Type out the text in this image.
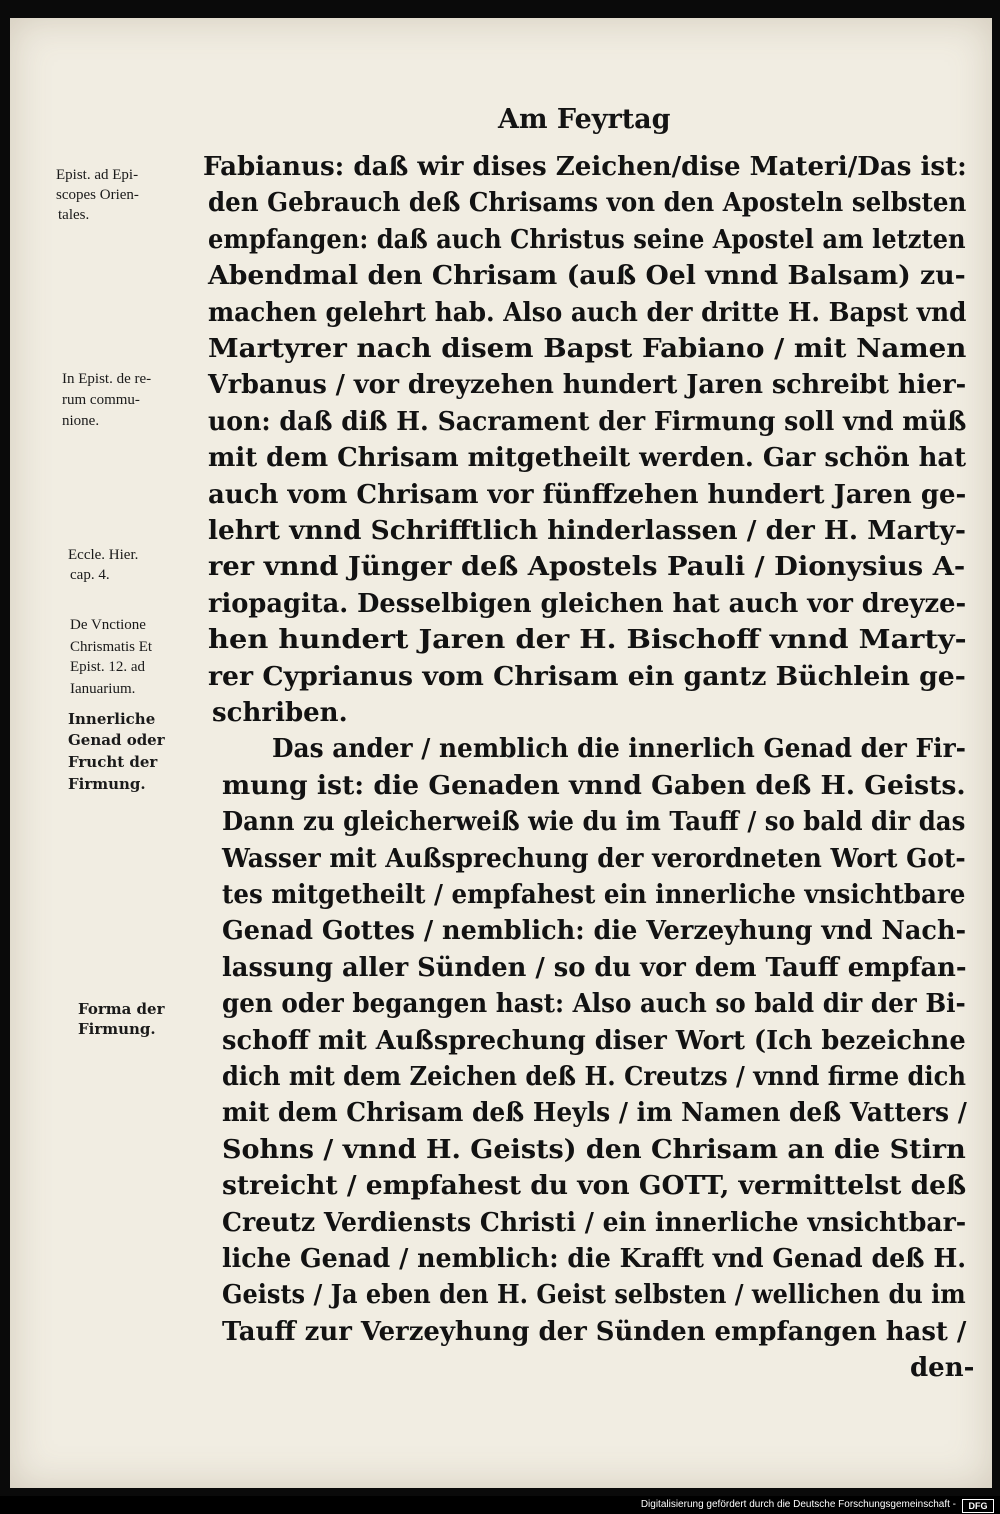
Am Feyrtag
Fabianus: daß wir dises Zeichen/dise Materi/Das ist:
den Gebrauch deß Chrisams von den Aposteln selbsten
empfangen: daß auch Christus seine Apostel am letzten
Abendmal den Chrisam (auß Oel vnnd Balsam) zu-
machen gelehrt hab. Also auch der dritte H. Bapst vnd
Martyrer nach disem Bapst Fabiano / mit Namen
Vrbanus / vor dreyzehen hundert Jaren schreibt hier-
uon: daß diß H. Sacrament der Firmung soll vnd müß
mit dem Chrisam mitgetheilt werden. Gar schön hat
auch vom Chrisam vor fünffzehen hundert Jaren ge-
lehrt vnnd Schrifftlich hinderlassen / der H. Marty-
rer vnnd Jünger deß Apostels Pauli / Dionysius A-
riopagita. Desselbigen gleichen hat auch vor dreyze-
hen hundert Jaren der H. Bischoff vnnd Marty-
rer Cyprianus vom Chrisam ein gantz Büchlein ge-
schriben.
Das ander / nemblich die innerlich Genad der Fir-
mung ist: die Genaden vnnd Gaben deß H. Geists.
Dann zu gleicherweiß wie du im Tauff / so bald dir das
Wasser mit Außsprechung der verordneten Wort Got-
tes mitgetheilt / empfahest ein innerliche vnsichtbare
Genad Gottes / nemblich: die Verzeyhung vnd Nach-
lassung aller Sünden / so du vor dem Tauff empfan-
gen oder begangen hast: Also auch so bald dir der Bi-
schoff mit Außsprechung diser Wort (Ich bezeichne
dich mit dem Zeichen deß H. Creutzs / vnnd firme dich
mit dem Chrisam deß Heyls / im Namen deß Vatters /
Sohns / vnnd H. Geists) den Chrisam an die Stirn
streicht / empfahest du von GOTT, vermittelst deß
Creutz Verdiensts Christi / ein innerliche vnsichtbar-
liche Genad / nemblich: die Krafft vnd Genad deß H.
Geists / Ja eben den H. Geist selbsten / wellichen du im
Tauff zur Verzeyhung der Sünden empfangen hast /
den-
Epist. ad Epi-
scopes Orien-
tales.
In Epist. de re-
rum commu-
nione.
Eccle. Hier.
cap. 4.
De Vnctione
Chrismatis Et
Epist. 12. ad
Ianuarium.
Innerliche
Genad oder
Frucht der
Firmung.
Forma der
Firmung.
Digitalisierung gefördert durch die Deutsche Forschungsgemeinschaft -	DFG
